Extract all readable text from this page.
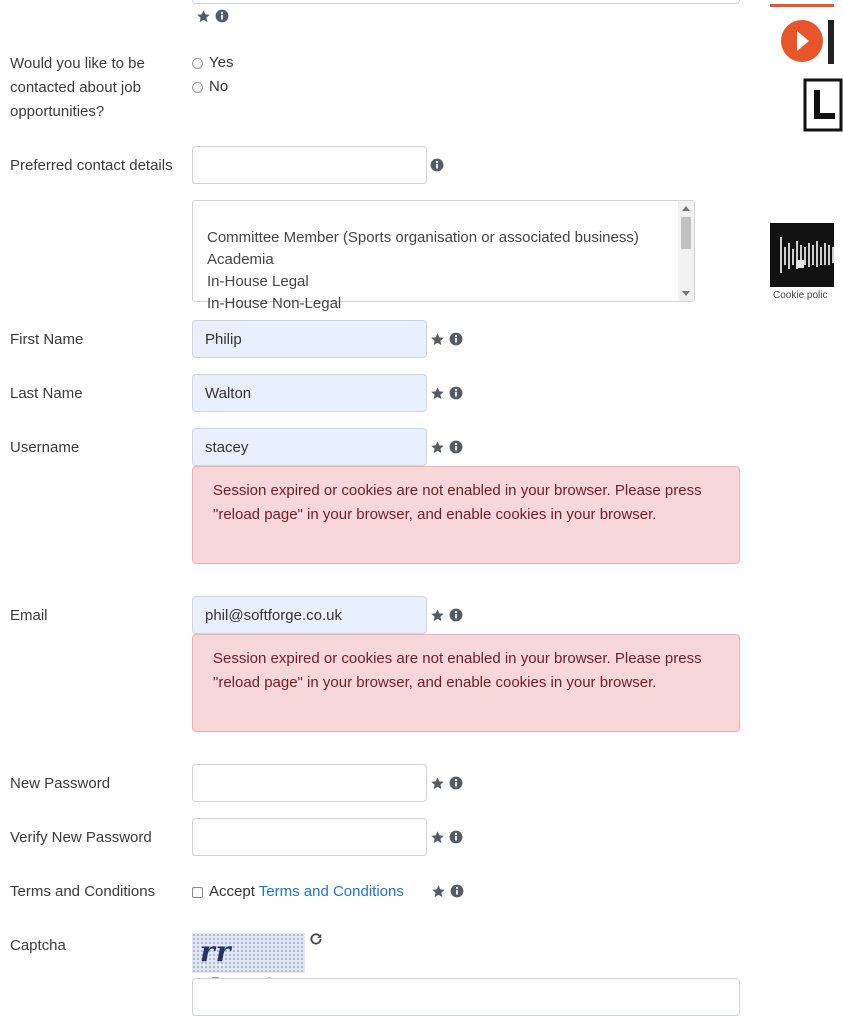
Would you like to be contacted about job opportunities?
Yes
No
Preferred contact details
Committee Member (Sports organisation or associated business)
Academia
In-House Legal
In-House Non-Legal
First Name
Philip
Last Name
Walton
Username
stacey
Session expired or cookies are not enabled in your browser. Please press "reload page" in your browser, and enable cookies in your browser.
Email
phil@softforge.co.uk
Session expired or cookies are not enabled in your browser. Please press "reload page" in your browser, and enable cookies in your browser.
New Password
Verify New Password
Terms and Conditions	Accept Terms and Conditions
Captcha	rr
Cookie polic
